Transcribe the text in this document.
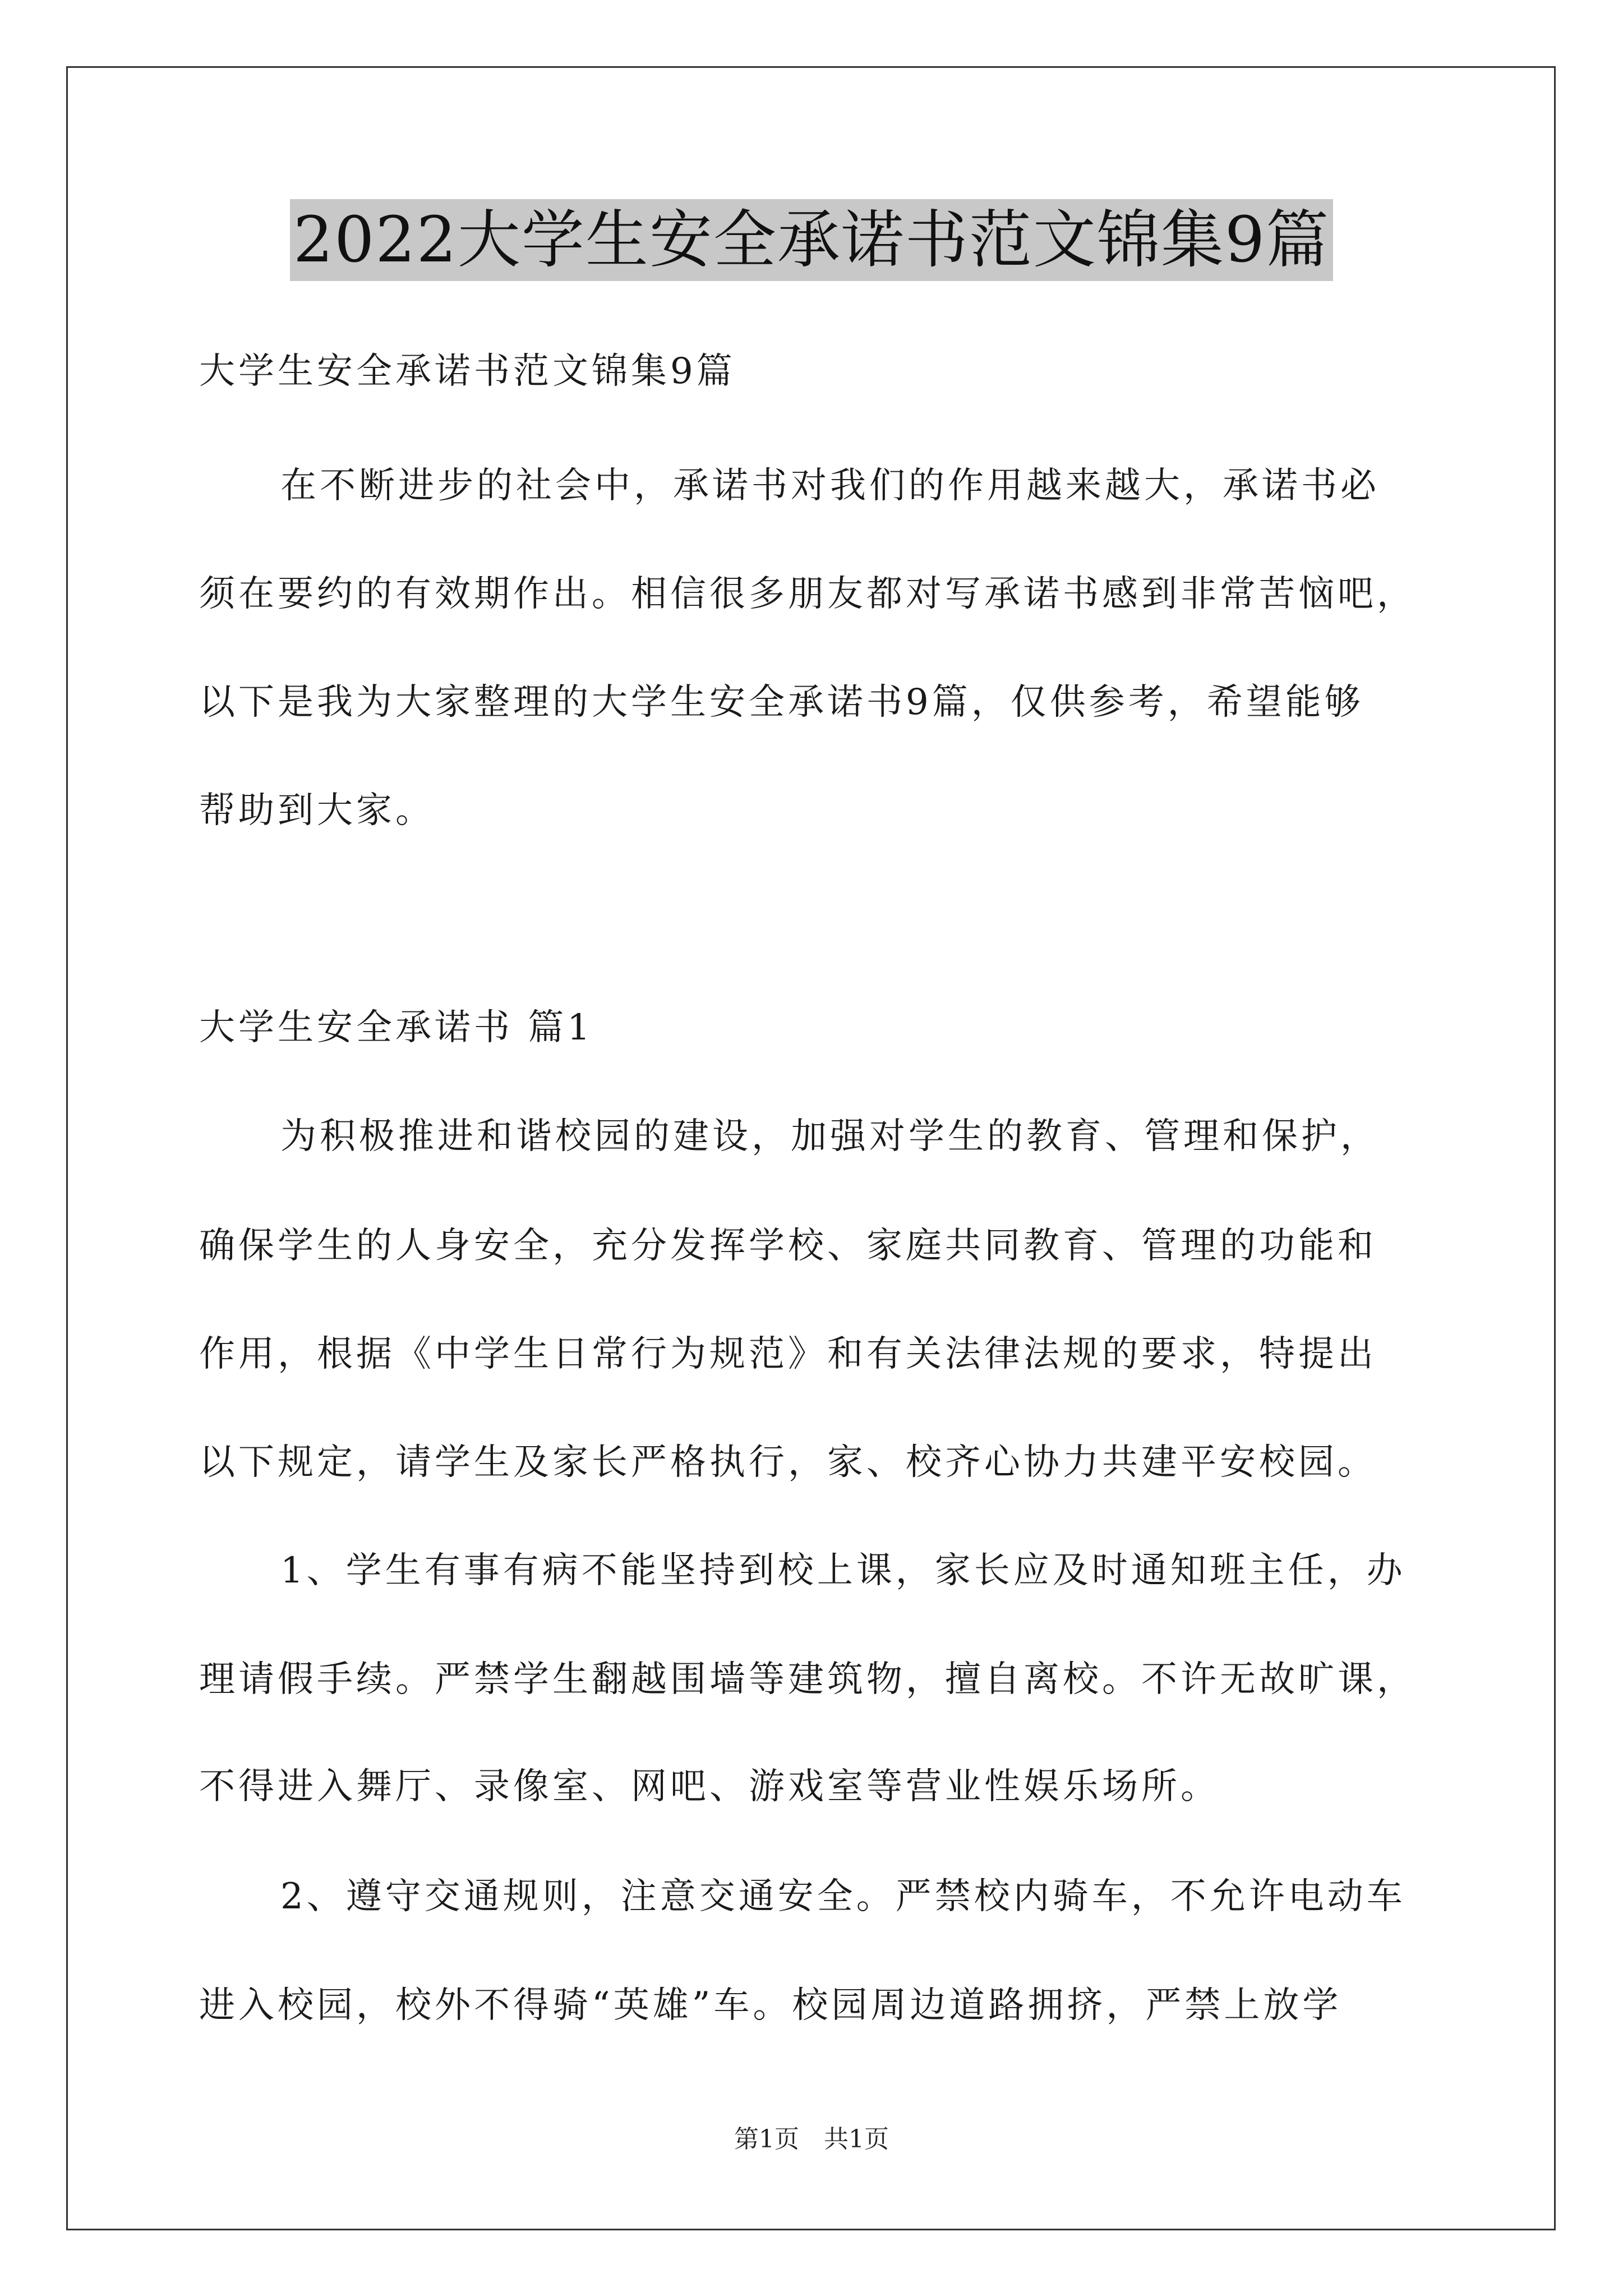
2022大学生安全承诺书范文锦集9篇
大学生安全承诺书范文锦集9篇
在不断进步的社会中，承诺书对我们的作用越来越大，承诺书必
须在要约的有效期作出。相信很多朋友都对写承诺书感到非常苦恼吧，
以下是我为大家整理的大学生安全承诺书9篇，仅供参考，希望能够
帮助到大家。
大学生安全承诺书 篇1
为积极推进和谐校园的建设，加强对学生的教育、管理和保护，
确保学生的人身安全，充分发挥学校、家庭共同教育、管理的功能和
作用，根据《中学生日常行为规范》和有关法律法规的要求，特提出
以下规定，请学生及家长严格执行，家、校齐心协力共建平安校园。
1、学生有事有病不能坚持到校上课，家长应及时通知班主任，办
理请假手续。严禁学生翻越围墙等建筑物，擅自离校。不许无故旷课，
不得进入舞厅、录像室、网吧、游戏室等营业性娱乐场所。
2、遵守交通规则，注意交通安全。严禁校内骑车，不允许电动车
进入校园，校外不得骑“英雄”车。校园周边道路拥挤，严禁上放学
第1页 共1页
